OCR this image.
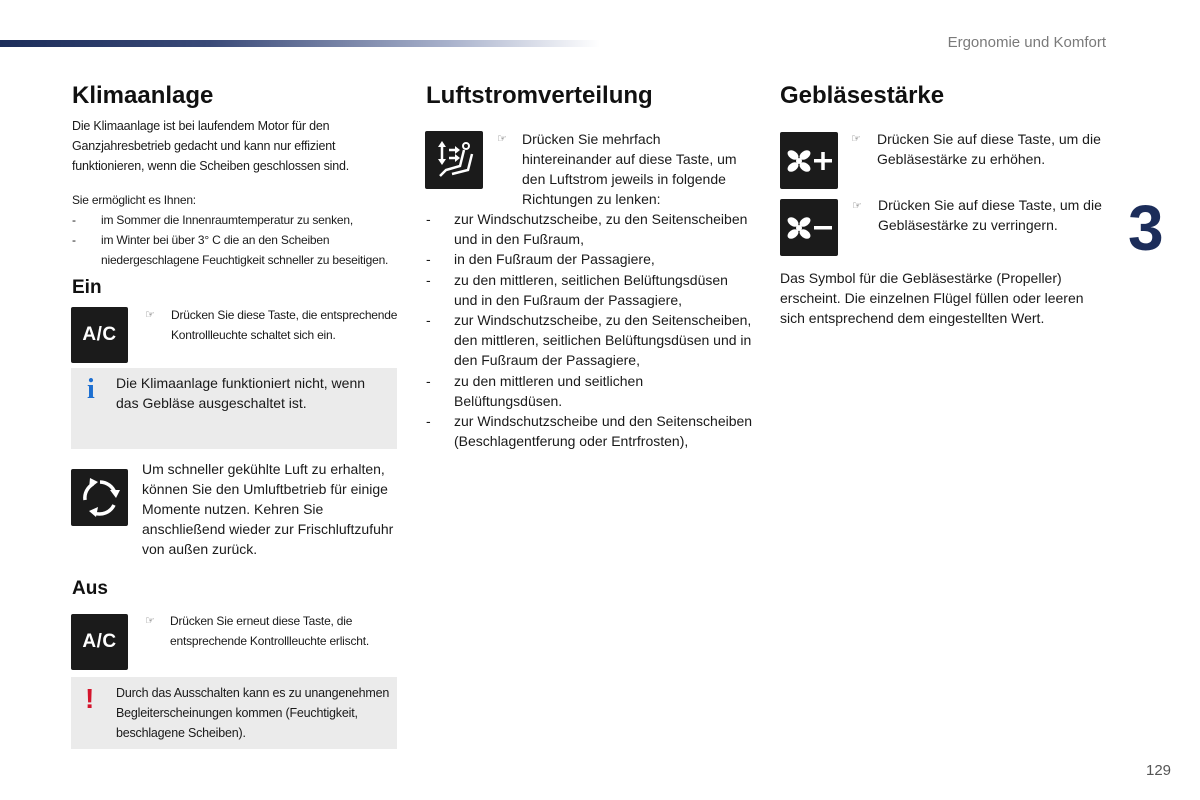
Ergonomie und Komfort
3
129
Klimaanlage

Die Klimaanlage ist bei laufendem Motor für den Ganzjahresbetrieb gedacht und kann nur effizient funktionieren, wenn die Scheiben geschlossen sind.

Sie ermöglicht es Ihnen:

- im Sommer die Innenraumtemperatur zu senken,
- im Winter bei über 3° C die an den Scheiben niedergeschlagene Feuchtigkeit schneller zu beseitigen.
Ein
A/C
☞ Drücken Sie diese Taste, die entsprechende Kontrollleuchte schaltet sich ein.

i Die Klimaanlage funktioniert nicht, wenn das Gebläse ausgeschaltet ist.

Um schneller gekühlte Luft zu erhalten, können Sie den Umluftbetrieb für einige Momente nutzen. Kehren Sie anschließend wieder zur Frischluftzufuhr von außen zurück.

Aus
A/C
☞ Drücken Sie erneut diese Taste, die entsprechende Kontrollleuchte erlischt.

! Durch das Ausschalten kann es zu unangenehmen Begleiterscheinungen kommen (Feuchtigkeit, beschlagene Scheiben).

Luftstromverteilung
☞ Drücken Sie mehrfach hintereinander auf diese Taste, um den Luftstrom jeweils in folgende Richtungen zu lenken:

- zur Windschutzscheibe, zu den Seitenscheiben und in den Fußraum,
- in den Fußraum der Passagiere,
- zu den mittleren, seitlichen Belüftungsdüsen und in den Fußraum der Passagiere,
- zur Windschutzscheibe, zu den Seitenscheiben, den mittleren, seitlichen Belüftungsdüsen und in den Fußraum der Passagiere,
- zu den mittleren und seitlichen Belüftungsdüsen.
- zur Windschutzscheibe und den Seitenscheiben (Beschlagentferung oder Entrfrosten),
Gebläsestärke
☞ Drücken Sie auf diese Taste, um die Gebläsestärke zu erhöhen.

☞ Drücken Sie auf diese Taste, um die Gebläsestärke zu verringern.

Das Symbol für die Gebläsestärke (Propeller) erscheint. Die einzelnen Flügel füllen oder leeren sich entsprechend dem eingestellten Wert.
